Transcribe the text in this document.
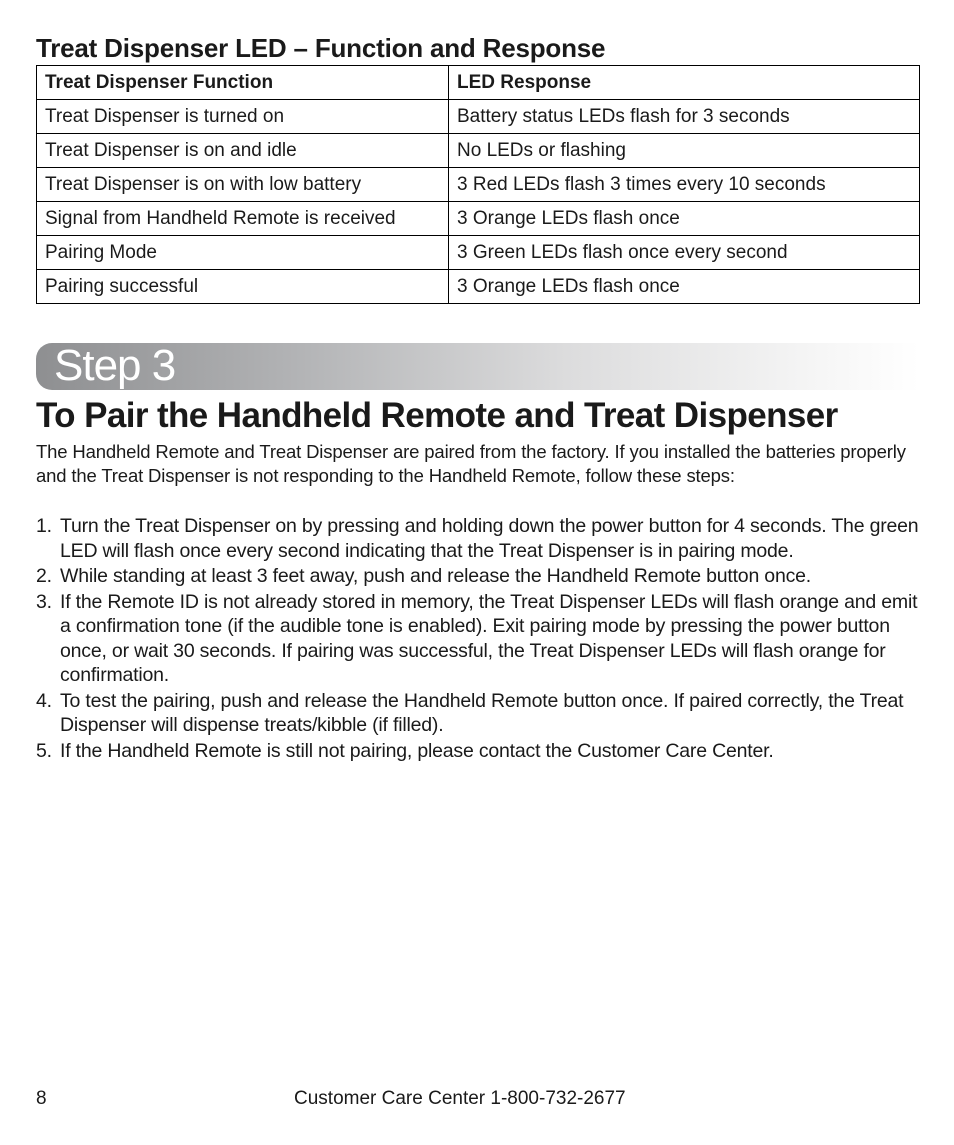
Treat Dispenser LED – Function and Response
Treat Dispenser Function	LED Response
Treat Dispenser is turned on	Battery status LEDs flash for 3 seconds
Treat Dispenser is on and idle	No LEDs or flashing
Treat Dispenser is on with low battery	3 Red LEDs flash 3 times every 10 seconds
Signal from Handheld Remote is received	3 Orange LEDs flash once
Pairing Mode	3 Green LEDs flash once every second
Pairing successful	3 Orange LEDs flash once
Step 3
To Pair the Handheld Remote and Treat Dispenser

The Handheld Remote and Treat Dispenser are paired from the factory. If you installed the batteries properly and the Treat Dispenser is not responding to the Handheld Remote, follow these steps:

1. Turn the Treat Dispenser on by pressing and holding down the power button for 4 seconds. The green LED will flash once every second indicating that the Treat Dispenser is in pairing mode.
2. While standing at least 3 feet away, push and release the Handheld Remote button once.
3. If the Remote ID is not already stored in memory, the Treat Dispenser LEDs will flash orange and emit a confirmation tone (if the audible tone is enabled). Exit pairing mode by pressing the power button once, or wait 30 seconds. If pairing was successful, the Treat Dispenser LEDs will flash orange for confirmation.
4. To test the pairing, push and release the Handheld Remote button once. If paired correctly, the Treat Dispenser will dispense treats/kibble (if filled).
5. If the Handheld Remote is still not pairing, please contact the Customer Care Center.
8	Customer Care Center 1-800-732-2677
